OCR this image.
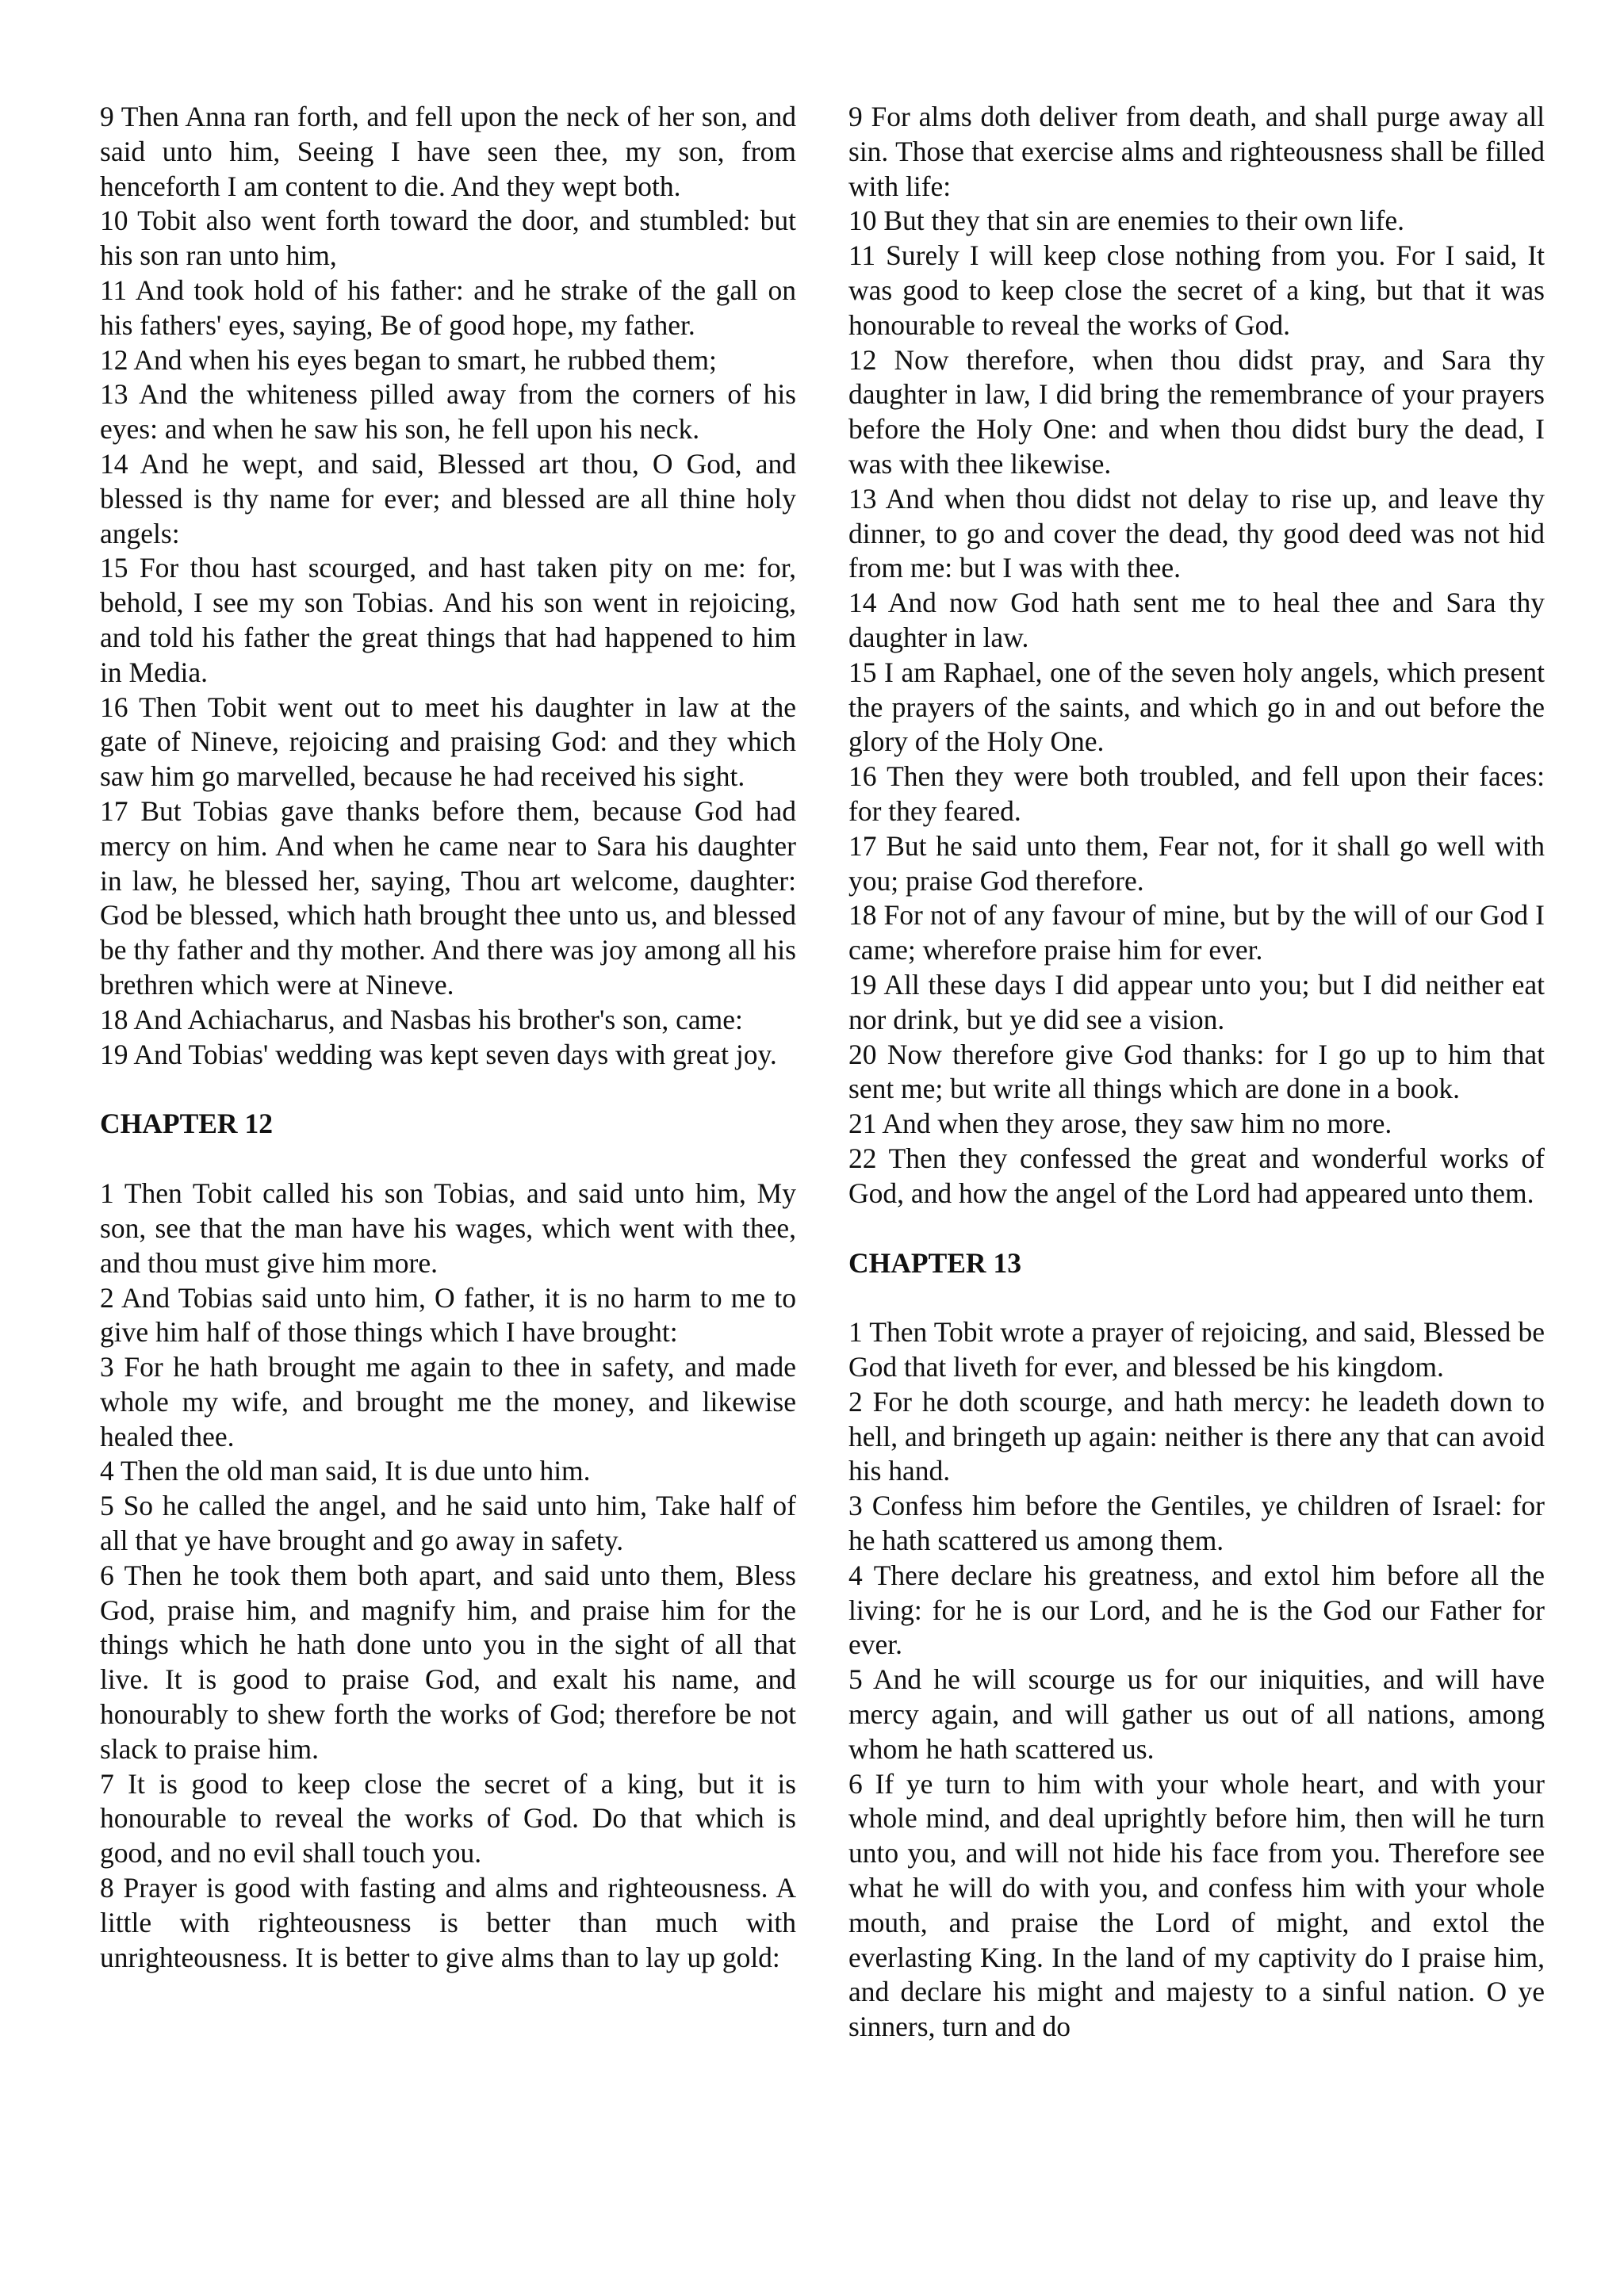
9 Then Anna ran forth, and fell upon the neck of her son, and said unto him, Seeing I have seen thee, my son, from henceforth I am content to die. And they wept both.

10 Tobit also went forth toward the door, and stumbled: but his son ran unto him,

11 And took hold of his father: and he strake of the gall on his fathers' eyes, saying, Be of good hope, my father.

12 And when his eyes began to smart, he rubbed them;

13 And the whiteness pilled away from the corners of his eyes: and when he saw his son, he fell upon his neck.

14 And he wept, and said, Blessed art thou, O God, and blessed is thy name for ever; and blessed are all thine holy angels:

15 For thou hast scourged, and hast taken pity on me: for, behold, I see my son Tobias. And his son went in rejoicing, and told his father the great things that had happened to him in Media.

16 Then Tobit went out to meet his daughter in law at the gate of Nineve, rejoicing and praising God: and they which saw him go marvelled, because he had received his sight.

17 But Tobias gave thanks before them, because God had mercy on him. And when he came near to Sara his daughter in law, he blessed her, saying, Thou art welcome, daughter: God be blessed, which hath brought thee unto us, and blessed be thy father and thy mother. And there was joy among all his brethren which were at Nineve.

18 And Achiacharus, and Nasbas his brother's son, came:

19 And Tobias' wedding was kept seven days with great joy.

CHAPTER 12

1 Then Tobit called his son Tobias, and said unto him, My son, see that the man have his wages, which went with thee, and thou must give him more.

2 And Tobias said unto him, O father, it is no harm to me to give him half of those things which I have brought:

3 For he hath brought me again to thee in safety, and made whole my wife, and brought me the money, and likewise healed thee.

4 Then the old man said, It is due unto him.

5 So he called the angel, and he said unto him, Take half of all that ye have brought and go away in safety.

6 Then he took them both apart, and said unto them, Bless God, praise him, and magnify him, and praise him for the things which he hath done unto you in the sight of all that live. It is good to praise God, and exalt his name, and honourably to shew forth the works of God; therefore be not slack to praise him.

7 It is good to keep close the secret of a king, but it is honourable to reveal the works of God. Do that which is good, and no evil shall touch you.

8 Prayer is good with fasting and alms and righteousness. A little with righteousness is better than much with unrighteousness. It is better to give alms than to lay up gold:

9 For alms doth deliver from death, and shall purge away all sin. Those that exercise alms and righteousness shall be filled with life:

10 But they that sin are enemies to their own life.

11 Surely I will keep close nothing from you. For I said, It was good to keep close the secret of a king, but that it was honourable to reveal the works of God.

12 Now therefore, when thou didst pray, and Sara thy daughter in law, I did bring the remembrance of your prayers before the Holy One: and when thou didst bury the dead, I was with thee likewise.

13 And when thou didst not delay to rise up, and leave thy dinner, to go and cover the dead, thy good deed was not hid from me: but I was with thee.

14 And now God hath sent me to heal thee and Sara thy daughter in law.

15 I am Raphael, one of the seven holy angels, which present the prayers of the saints, and which go in and out before the glory of the Holy One.

16 Then they were both troubled, and fell upon their faces: for they feared.

17 But he said unto them, Fear not, for it shall go well with you; praise God therefore.

18 For not of any favour of mine, but by the will of our God I came; wherefore praise him for ever.

19 All these days I did appear unto you; but I did neither eat nor drink, but ye did see a vision.

20 Now therefore give God thanks: for I go up to him that sent me; but write all things which are done in a book.

21 And when they arose, they saw him no more.

22 Then they confessed the great and wonderful works of God, and how the angel of the Lord had appeared unto them.

CHAPTER 13

1 Then Tobit wrote a prayer of rejoicing, and said, Blessed be God that liveth for ever, and blessed be his kingdom.

2 For he doth scourge, and hath mercy: he leadeth down to hell, and bringeth up again: neither is there any that can avoid his hand.

3 Confess him before the Gentiles, ye children of Israel: for he hath scattered us among them.

4 There declare his greatness, and extol him before all the living: for he is our Lord, and he is the God our Father for ever.

5 And he will scourge us for our iniquities, and will have mercy again, and will gather us out of all nations, among whom he hath scattered us.

6 If ye turn to him with your whole heart, and with your whole mind, and deal uprightly before him, then will he turn unto you, and will not hide his face from you. Therefore see what he will do with you, and confess him with your whole mouth, and praise the Lord of might, and extol the everlasting King. In the land of my captivity do I praise him, and declare his might and majesty to a sinful nation. O ye sinners, turn and do
